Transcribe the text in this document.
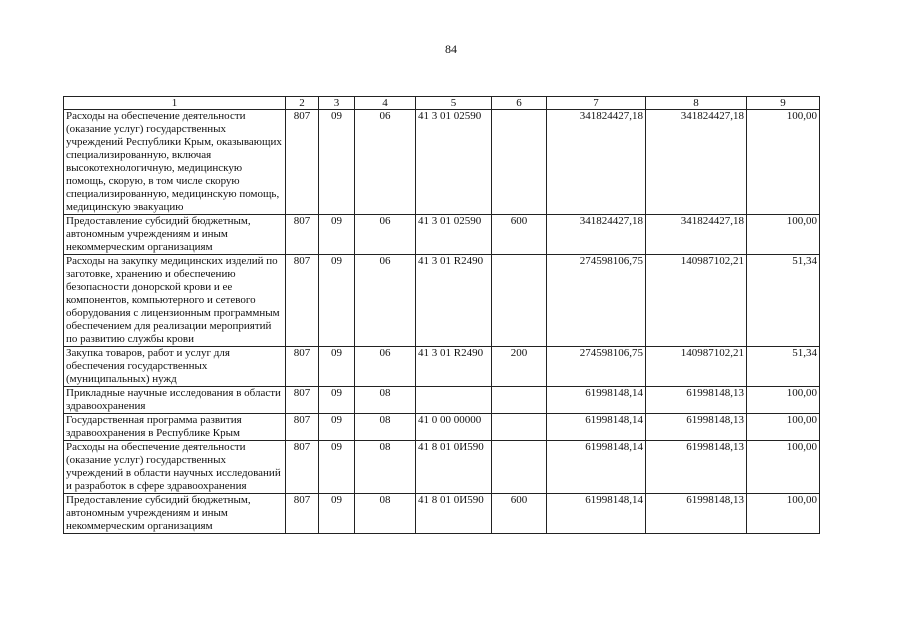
84
1	2	3	4	5	6	7	8	9
Расходы на обеспечение деятельности (оказание услуг) государственных учреждений Республики Крым, оказывающих специализированную, включая высокотехнологичную, медицинскую помощь, скорую, в том числе скорую специализированную, медицинскую помощь, медицинскую эвакуацию	807	09	06	41 3 01 02590		341824427,18	341824427,18	100,00
Предоставление субсидий бюджетным, автономным учреждениям и иным некоммерческим организациям	807	09	06	41 3 01 02590	600	341824427,18	341824427,18	100,00
Расходы на закупку медицинских изделий по заготовке, хранению и обеспечению безопасности донорской крови и ее компонентов, компьютерного и сетевого оборудования с лицензионным программным обеспечением для реализации мероприятий по развитию службы крови	807	09	06	41 3 01 R2490		274598106,75	140987102,21	51,34
Закупка товаров, работ и услуг для обеспечения государственных (муниципальных) нужд	807	09	06	41 3 01 R2490	200	274598106,75	140987102,21	51,34
Прикладные научные исследования в области здравоохранения	807	09	08			61998148,14	61998148,13	100,00
Государственная программа развития здравоохранения в Республике Крым	807	09	08	41 0 00 00000		61998148,14	61998148,13	100,00
Расходы на обеспечение деятельности (оказание услуг) государственных учреждений в области научных исследований и разработок в сфере здравоохранения	807	09	08	41 8 01 0И590		61998148,14	61998148,13	100,00
Предоставление субсидий бюджетным, автономным учреждениям и иным некоммерческим организациям	807	09	08	41 8 01 0И590	600	61998148,14	61998148,13	100,00
